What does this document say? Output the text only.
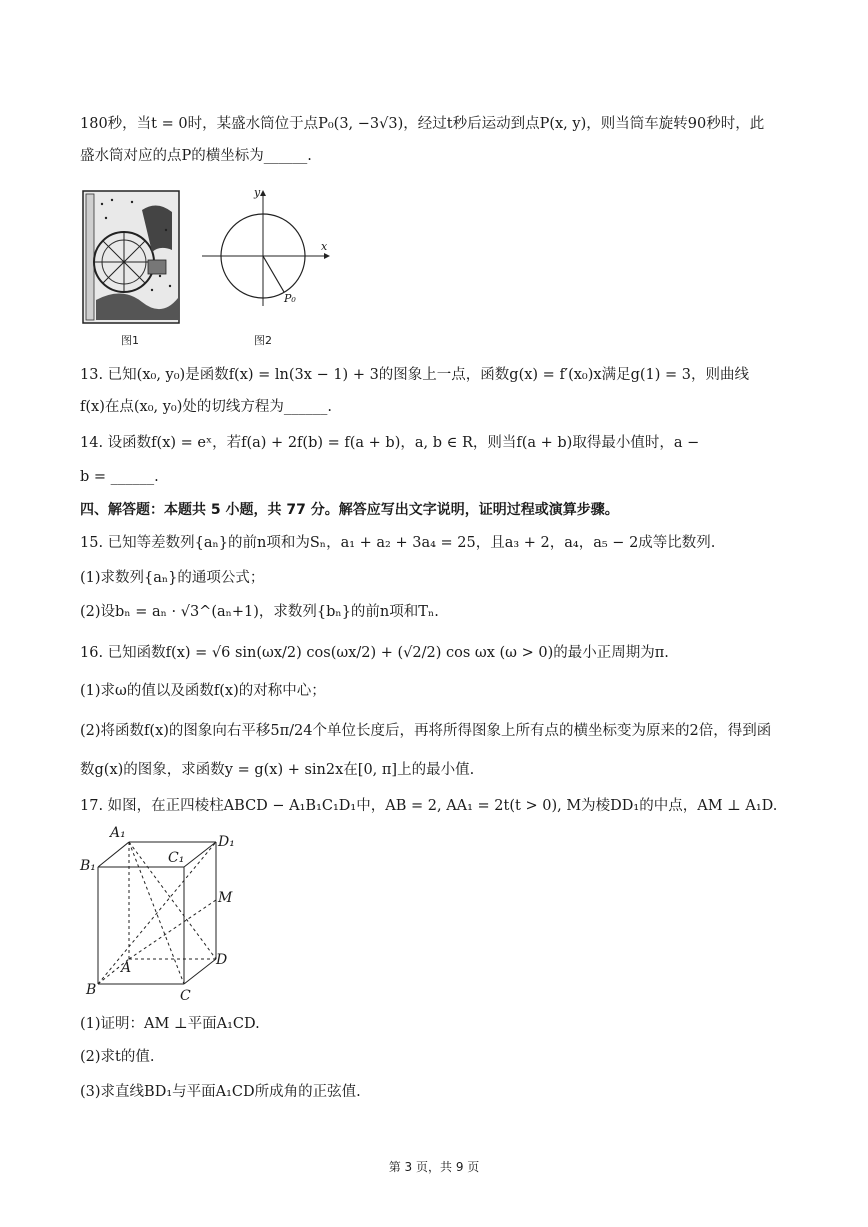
180秒，当t = 0时，某盛水筒位于点P₀(3, −3√3)，经过t秒后运动到点P(x, y)，则当筒车旋转90秒时，此
盛水筒对应的点P的横坐标为______.
图1
y
x
P₀
图2
13. 已知(x₀, y₀)是函数f(x) = ln(3x − 1) + 3的图象上一点，函数g(x) = f′(x₀)x满足g(1) = 3，则曲线
f(x)在点(x₀, y₀)处的切线方程为______.
14. 设函数f(x) = eˣ，若f(a) + 2f(b) = f(a + b)，a, b ∈ R，则当f(a + b)取得最小值时，a −
b = ______.
四、解答题：本题共 5 小题，共 77 分。解答应写出文字说明，证明过程或演算步骤。
15. 已知等差数列{aₙ}的前n项和为Sₙ，a₁ + a₂ + 3a₄ = 25，且a₃ + 2，a₄，a₅ − 2成等比数列.
(1)求数列{aₙ}的通项公式；
(2)设bₙ = aₙ · √3^(aₙ+1)，求数列{bₙ}的前n项和Tₙ.
16. 已知函数f(x) = √6 sin(ωx/2) cos(ωx/2) + (√2/2) cos ωx (ω > 0)的最小正周期为π.
(1)求ω的值以及函数f(x)的对称中心；
(2)将函数f(x)的图象向右平移5π/24个单位长度后，再将所得图象上所有点的横坐标变为原来的2倍，得到函
数g(x)的图象，求函数y = g(x) + sin2x在[0, π]上的最小值.
17. 如图，在正四棱柱ABCD − A₁B₁C₁D₁中，AB = 2, AA₁ = 2t(t > 0), M为棱DD₁的中点，AM ⊥ A₁D.
A₁
D₁
B₁	C₁
M
A	D
B	C
(1)证明：AM ⊥平面A₁CD.
(2)求t的值.
(3)求直线BD₁与平面A₁CD所成角的正弦值.
第 3 页，共 9 页
